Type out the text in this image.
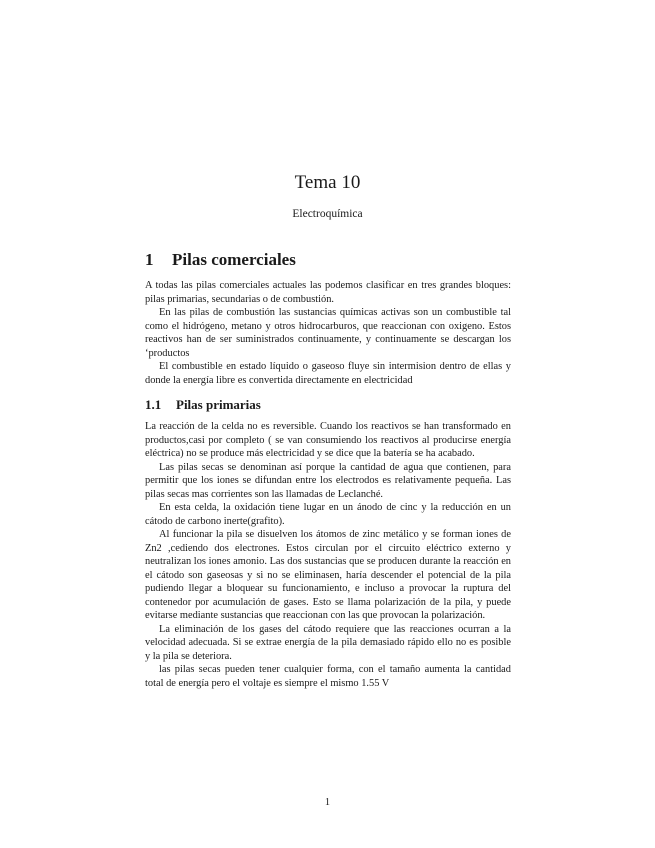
Tema 10
Electroquímica
1 Pilas comerciales

A todas las pilas comerciales actuales las podemos clasificar en tres grandes bloques: pilas primarias, secundarias o de combustión.

En las pilas de combustión las sustancias químicas activas son un combustible tal como el hidrógeno, metano y otros hidrocarburos, que reaccionan con oxigeno. Estos reactivos han de ser suministrados continuamente, y continuamente se descargan los ‘productos

El combustible en estado líquido o gaseoso fluye sin intermision dentro de ellas y donde la energía libre es convertida directamente en electricidad

1.1 Pilas primarias

La reacción de la celda no es reversible. Cuando los reactivos se han transformado en productos,casi por completo ( se van consumiendo los reactivos al producirse energía eléctrica) no se produce más electricidad y se dice que la batería se ha acabado.

Las pilas secas se denominan así porque la cantidad de agua que contienen, para permitir que los iones se difundan entre los electrodos es relativamente pequeña. Las pilas secas mas corrientes son las llamadas de Leclanché.

En esta celda, la oxidación tiene lugar en un ánodo de cinc y la reducción en un cátodo de carbono inerte(grafito).

Al funcionar la pila se disuelven los átomos de zinc metálico y se forman iones de Zn2 ,cediendo dos electrones. Estos circulan por el circuito eléctrico externo y neutralizan los iones amonio. Las dos sustancias que se producen durante la reacción en el cátodo son gaseosas y si no se eliminasen, haría descender el potencial de la pila pudiendo llegar a bloquear su funcionamiento, e incluso a provocar la ruptura del contenedor por acumulación de gases. Esto se llama polarización de la pila, y puede evitarse mediante sustancias que reaccionan con las que provocan la polarización.

La eliminación de los gases del cátodo requiere que las reacciones ocurran a la velocidad adecuada. Si se extrae energía de la pila demasiado rápido ello no es posible y la pila se deteriora.

las pilas secas pueden tener cualquier forma, con el tamaño aumenta la cantidad total de energía pero el voltaje es siempre el mismo 1.55 V

1
